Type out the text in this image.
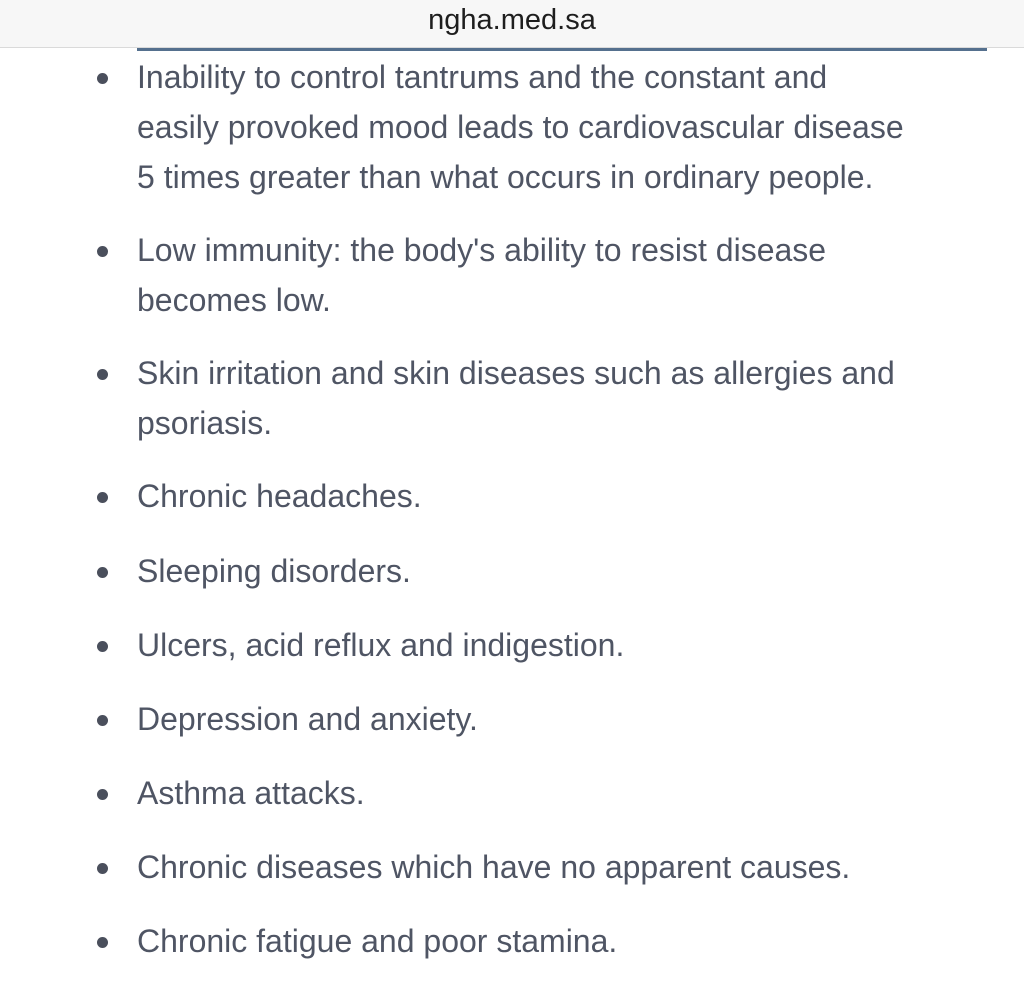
ngha.med.sa
Inability to control tantrums and the constant and
easily provoked mood leads to cardiovascular disease
5 times greater than what occurs in ordinary people.
Low immunity: the body's ability to resist disease
becomes low.
Skin irritation and skin diseases such as allergies and
psoriasis.
Chronic headaches.
Sleeping disorders.
Ulcers, acid reflux and indigestion.
Depression and anxiety.
Asthma attacks.
Chronic diseases which have no apparent causes.
Chronic fatigue and poor stamina.
